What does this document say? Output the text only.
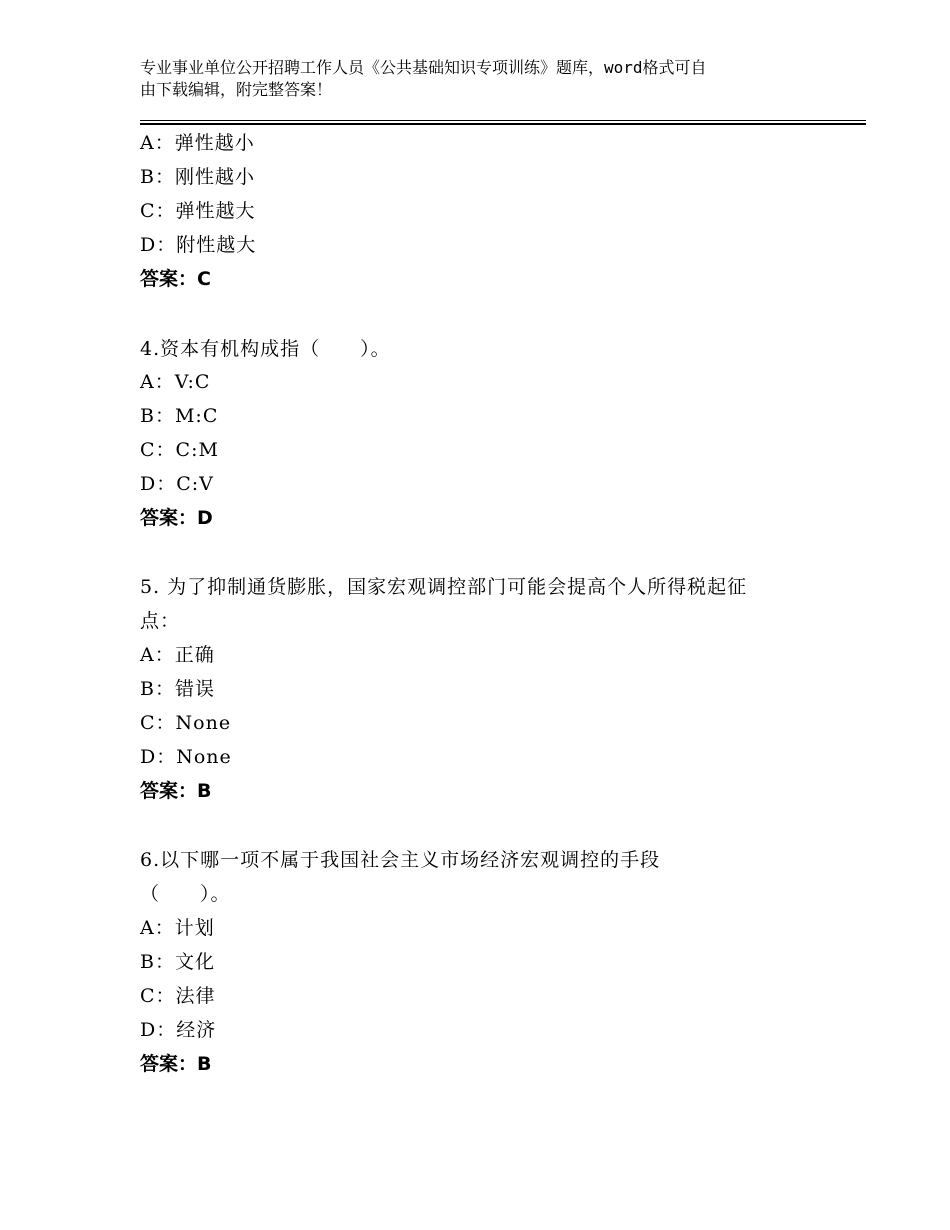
专业事业单位公开招聘工作人员《公共基础知识专项训练》题库，word格式可自
由下载编辑，附完整答案！
A：弹性越小
B：刚性越小
C：弹性越大
D：附性越大
答案：C
4.资本有机构成指（　　）。
A：V:C
B：M:C
C：C:M
D：C:V
答案：D
5. 为了抑制通货膨胀，国家宏观调控部门可能会提高个人所得税起征
点：
A：正确
B：错误
C：None
D：None
答案：B
6.以下哪一项不属于我国社会主义市场经济宏观调控的手段
（　　）。
A：计划
B：文化
C：法律
D：经济
答案：B
